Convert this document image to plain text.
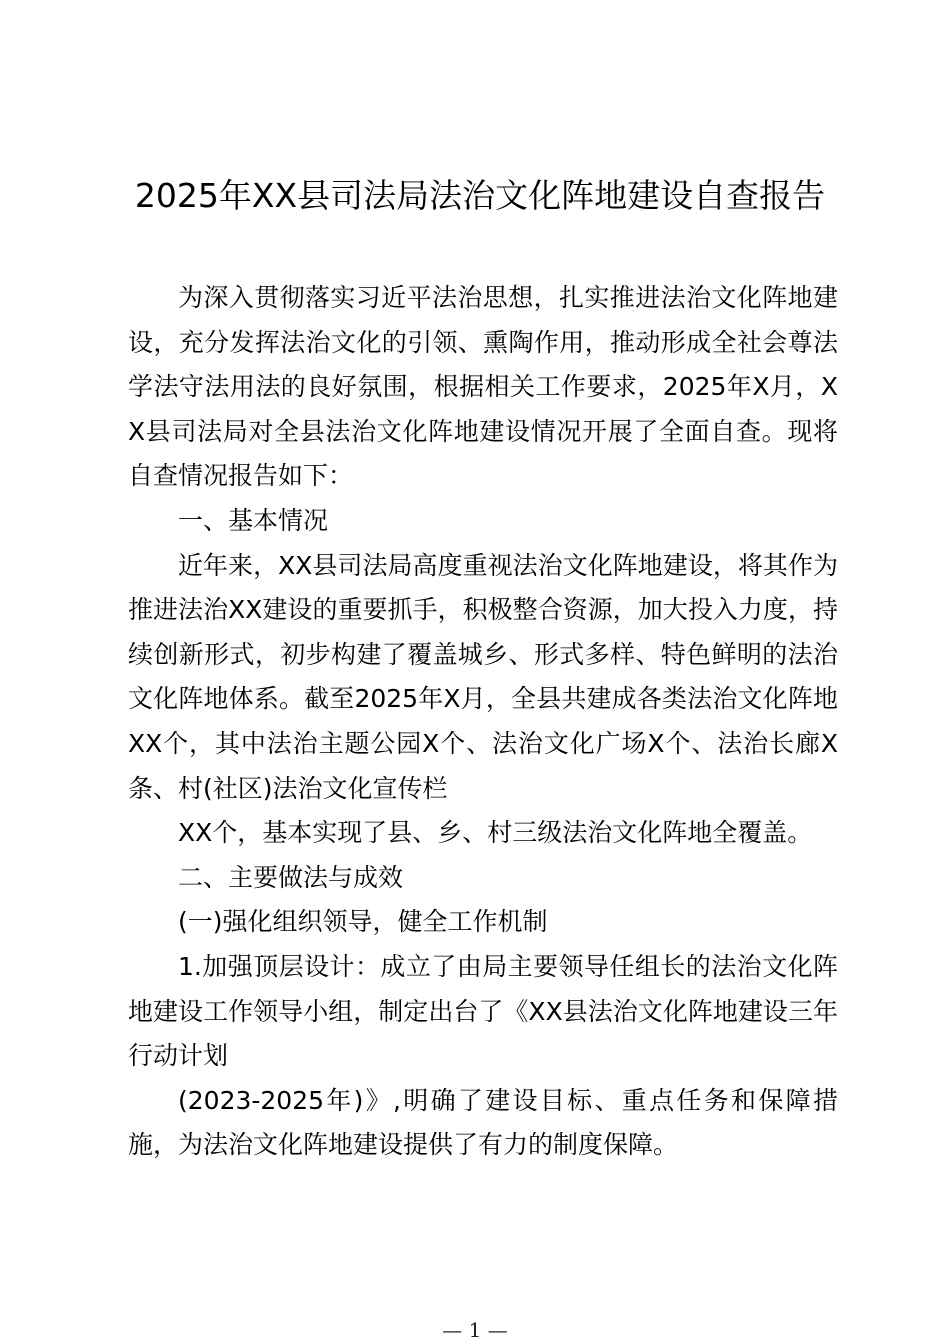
2025年XX县司法局法治文化阵地建设自查报告

为深入贯彻落实习近平法治思想，扎实推进法治文化阵地建设，充分发挥法治文化的引领、熏陶作用，推动形成全社会尊法学法守法用法的良好氛围，根据相关工作要求，2025年X月，XX县司法局对全县法治文化阵地建设情况开展了全面自查。现将自查情况报告如下：

一、基本情况

近年来，XX县司法局高度重视法治文化阵地建设，将其作为推进法治XX建设的重要抓手，积极整合资源，加大投入力度，持续创新形式，初步构建了覆盖城乡、形式多样、特色鲜明的法治文化阵地体系。截至2025年X月，全县共建成各类法治文化阵地XX个，其中法治主题公园X个、法治文化广场X个、法治长廊X条、村(社区)法治文化宣传栏

XX个，基本实现了县、乡、村三级法治文化阵地全覆盖。

二、主要做法与成效

(一)强化组织领导，健全工作机制

1.加强顶层设计：成立了由局主要领导任组长的法治文化阵地建设工作领导小组，制定出台了《XX县法治文化阵地建设三年行动计划

(2023-2025年)》,明确了建设目标、重点任务和保障措施，为法治文化阵地建设提供了有力的制度保障。

— 1 —
